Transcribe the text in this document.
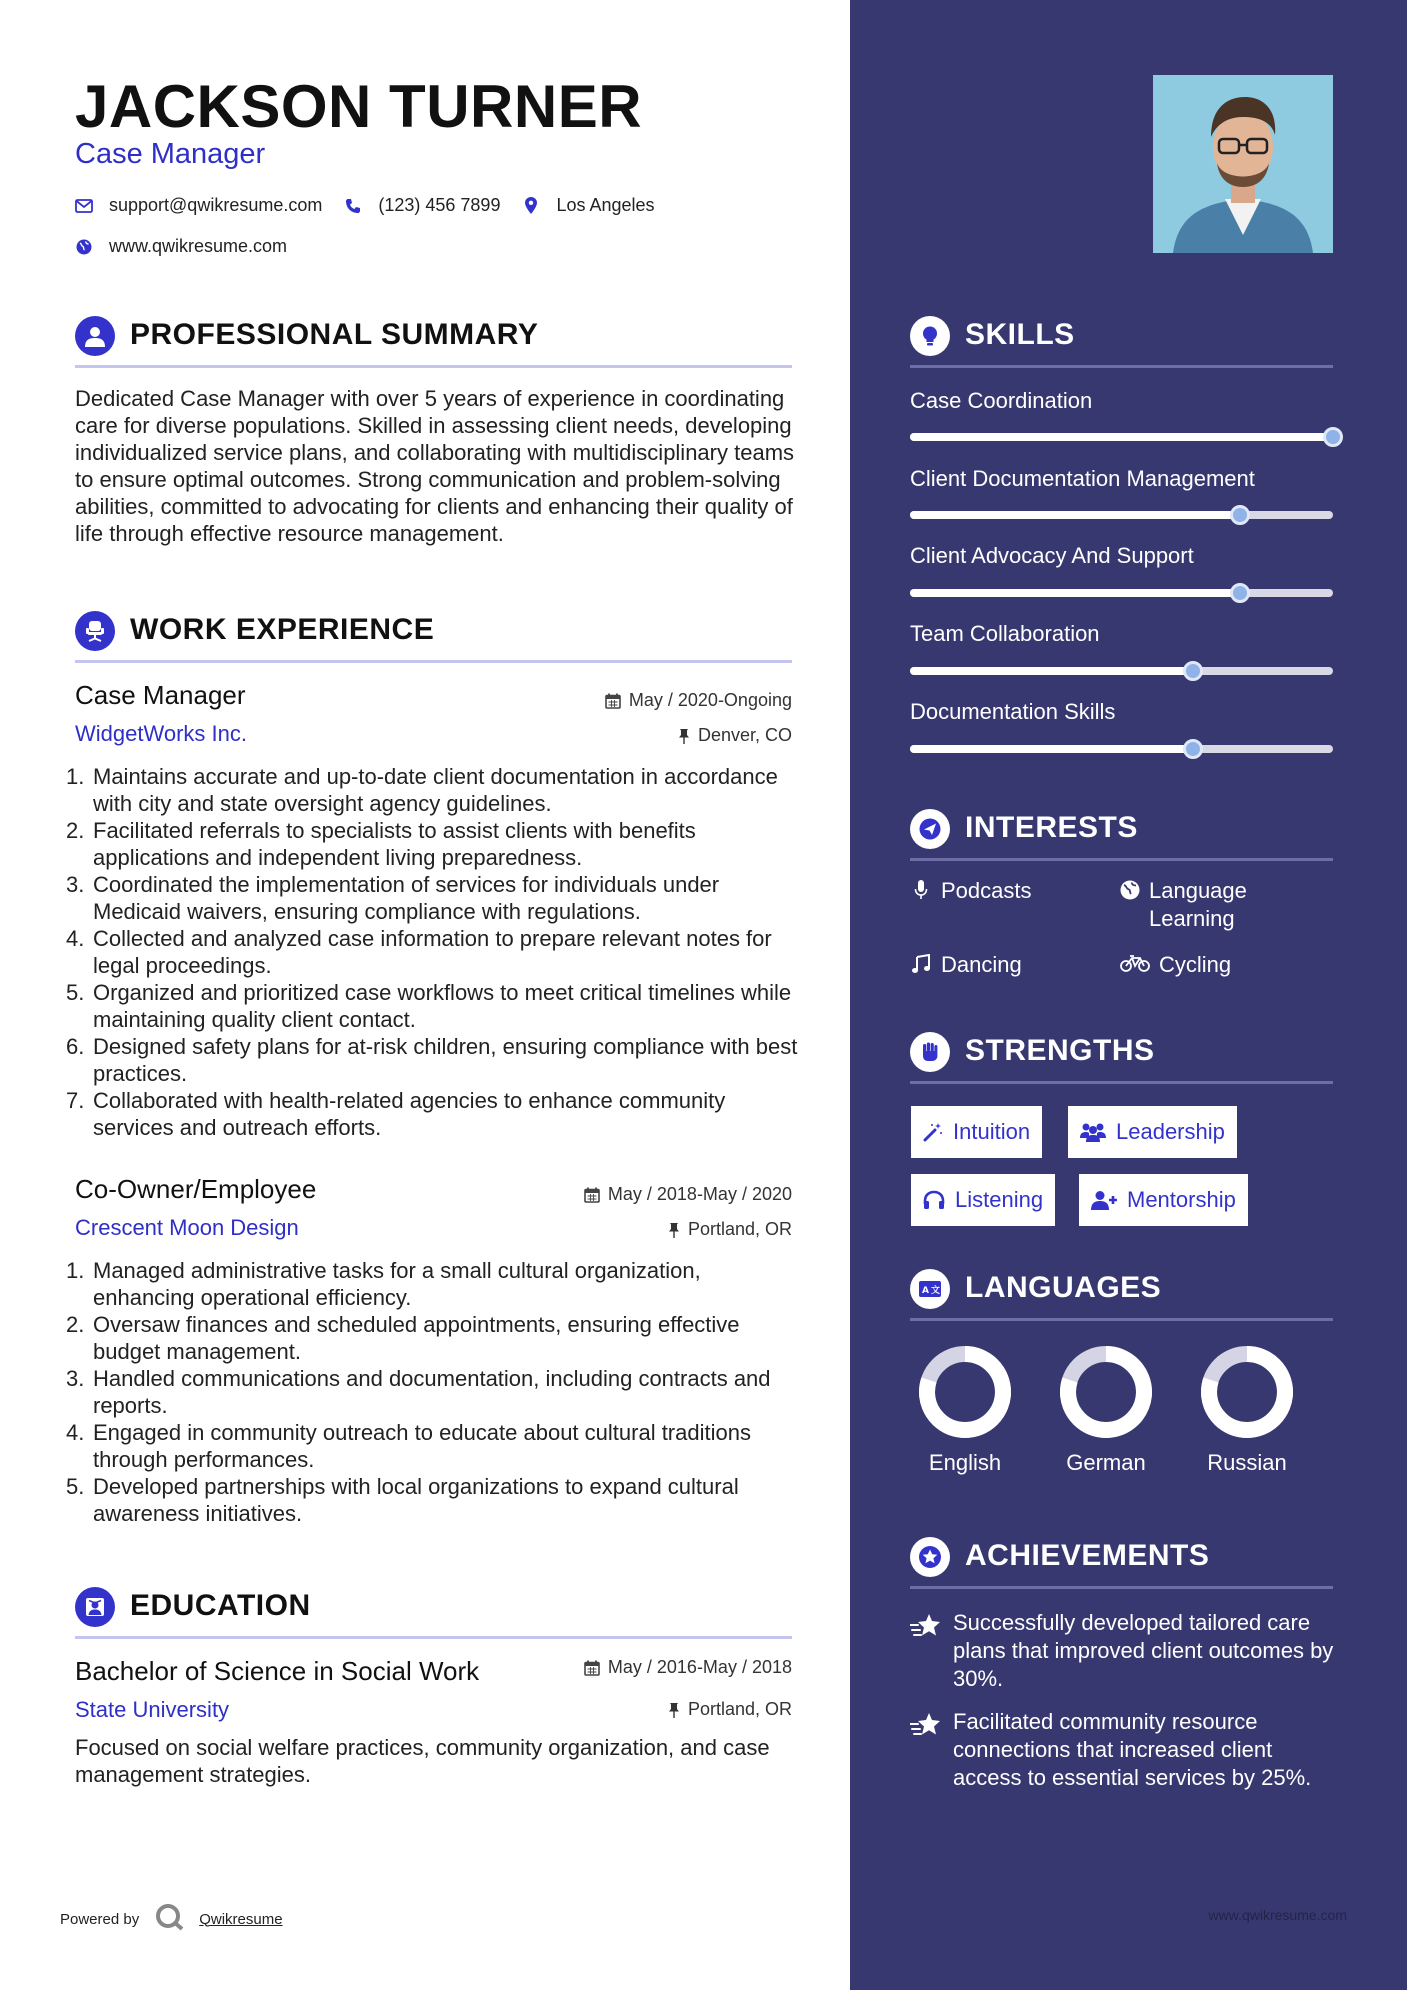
JACKSON TURNER
Case Manager
support@qwikresume.com	(123) 456 7899	Los Angeles
www.qwikresume.com
PROFESSIONAL SUMMARY
Dedicated Case Manager with over 5 years of experience in coordinating care for diverse populations. Skilled in assessing client needs, developing individualized service plans, and collaborating with multidisciplinary teams to ensure optimal outcomes. Strong communication and problem-solving abilities, committed to advocating for clients and enhancing their quality of life through effective resource management.
WORK EXPERIENCE
Case Manager
WidgetWorks Inc.
May / 2020-Ongoing
Denver, CO
1. Maintains accurate and up-to-date client documentation in accordance with city and state oversight agency guidelines.
2. Facilitated referrals to specialists to assist clients with benefits applications and independent living preparedness.
3. Coordinated the implementation of services for individuals under Medicaid waivers, ensuring compliance with regulations.
4. Collected and analyzed case information to prepare relevant notes for legal proceedings.
5. Organized and prioritized case workflows to meet critical timelines while maintaining quality client contact.
6. Designed safety plans for at-risk children, ensuring compliance with best practices.
7. Collaborated with health-related agencies to enhance community services and outreach efforts.
Co-Owner/Employee
Crescent Moon Design
May / 2018-May / 2020
Portland, OR
1. Managed administrative tasks for a small cultural organization, enhancing operational efficiency.
2. Oversaw finances and scheduled appointments, ensuring effective budget management.
3. Handled communications and documentation, including contracts and reports.
4. Engaged in community outreach to educate about cultural traditions through performances.
5. Developed partnerships with local organizations to expand cultural awareness initiatives.
EDUCATION
Bachelor of Science in Social Work
State University
May / 2016-May / 2018
Portland, OR
Focused on social welfare practices, community organization, and case management strategies.
Powered by	Qwikresume
SKILLS
Case Coordination
Client Documentation Management
Client Advocacy And Support
Team Collaboration
Documentation Skills
INTERESTS
Podcasts	Language Learning
Dancing	Cycling
STRENGTHS
Intuition	Leadership
Listening	Mentorship
A 文 LANGUAGES
English	German	Russian
ACHIEVEMENTS
Successfully developed tailored care plans that improved client outcomes by 30%.
Facilitated community resource connections that increased client access to essential services by 25%.
www.qwikresume.com
